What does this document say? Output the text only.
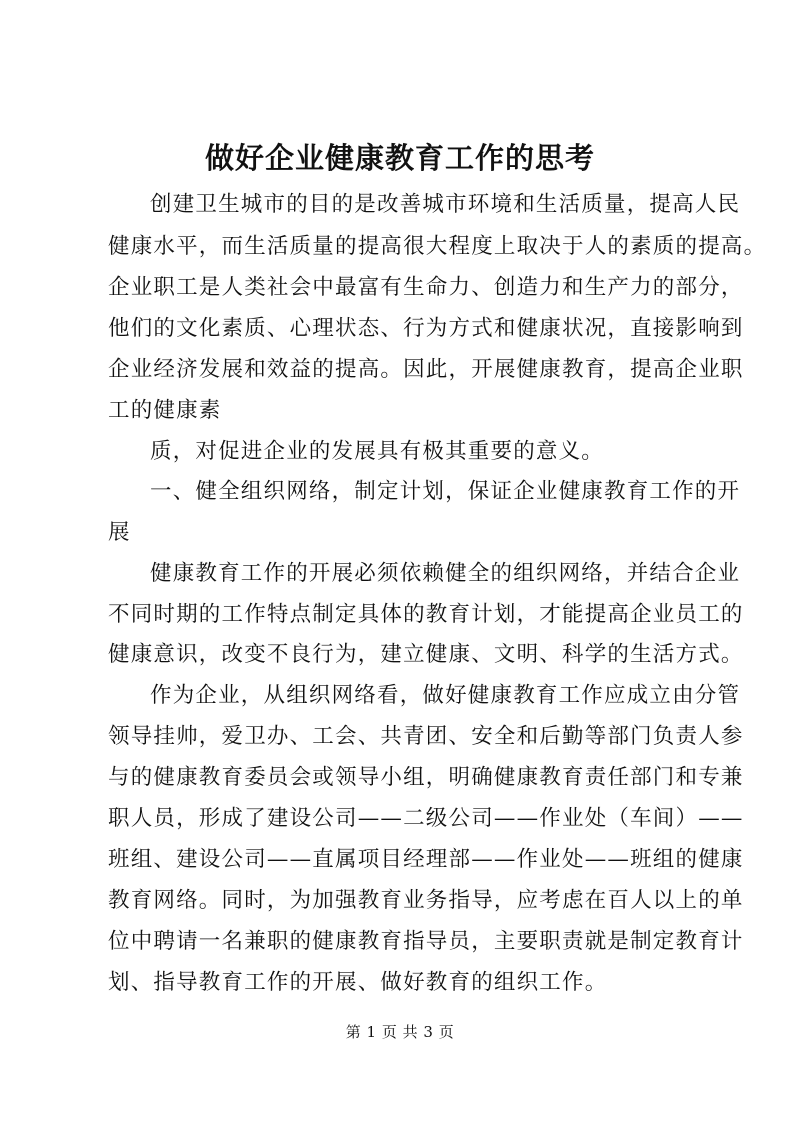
做好企业健康教育工作的思考

创建卫生城市的目的是改善城市环境和生活质量，提高人民

健康水平，而生活质量的提高很大程度上取决于人的素质的提高。

企业职工是人类社会中最富有生命力、创造力和生产力的部分，

他们的文化素质、心理状态、行为方式和健康状况，直接影响到

企业经济发展和效益的提高。因此，开展健康教育，提高企业职

工的健康素

质，对促进企业的发展具有极其重要的意义。

一、健全组织网络，制定计划，保证企业健康教育工作的开

展

健康教育工作的开展必须依赖健全的组织网络，并结合企业

不同时期的工作特点制定具体的教育计划，才能提高企业员工的

健康意识，改变不良行为，建立健康、文明、科学的生活方式。

作为企业，从组织网络看，做好健康教育工作应成立由分管

领导挂帅，爱卫办、工会、共青团、安全和后勤等部门负责人参

与的健康教育委员会或领导小组，明确健康教育责任部门和专兼

职人员，形成了建设公司——二级公司——作业处（车间）——

班组、建设公司——直属项目经理部——作业处——班组的健康

教育网络。同时，为加强教育业务指导，应考虑在百人以上的单

位中聘请一名兼职的健康教育指导员，主要职责就是制定教育计

划、指导教育工作的开展、做好教育的组织工作。

第 1 页 共 3 页
